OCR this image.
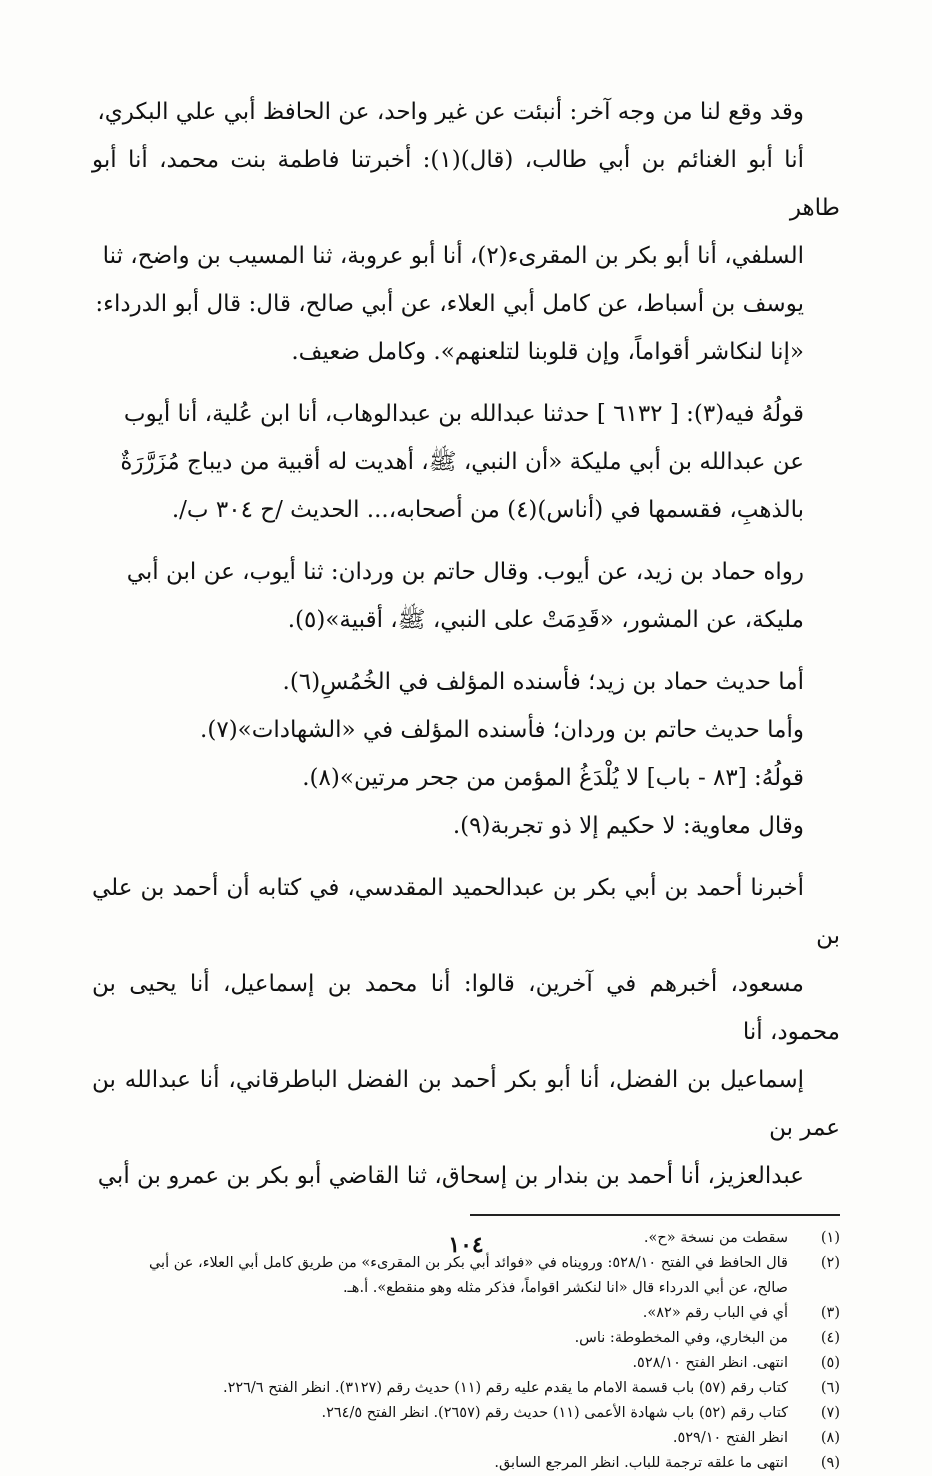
وقد وقع لنا من وجه آخر: أنبئت عن غير واحد، عن الحافظ أبي علي البكري،
أنا أبو الغنائم بن أبي طالب، (قال)(١): أخبرتنا فاطمة بنت محمد، أنا أبو طاهر
السلفي، أنا أبو بكر بن المقرىء(٢)، أنا أبو عروبة، ثنا المسيب بن واضح، ثنا
يوسف بن أسباط، عن كامل أبي العلاء، عن أبي صالح، قال: قال أبو الدرداء:
«إنا لنكاشر أقواماً، وإن قلوبنا لتلعنهم». وكامل ضعيف.

قولُهُ فيه(٣): [ ٦١٣٢ ] حدثنا عبدالله بن عبدالوهاب، أنا ابن عُلية، أنا أيوب
عن عبدالله بن أبي مليكة «أن النبي، ﷺ، أهديت له أقبية من ديباج مُزَرَّرَةٌ
بالذهبِ، فقسمها في (أناس)(٤) من أصحابه،... الحديث /ح ٣٠٤ ب/.

رواه حماد بن زيد، عن أيوب. وقال حاتم بن وردان: ثنا أيوب، عن ابن أبي
مليكة، عن المشور، «قَدِمَتْ على النبي، ﷺ، أقبية»(٥).

أما حديث حماد بن زيد؛ فأسنده المؤلف في الخُمُسِ(٦).
وأما حديث حاتم بن وردان؛ فأسنده المؤلف في «الشهادات»(٧).
قولُهُ: [٨٣ - باب] لا يُلْدَغُ المؤمن من جحر مرتين»(٨).
وقال معاوية: لا حكيم إلا ذو تجربة(٩).

أخبرنا أحمد بن أبي بكر بن عبدالحميد المقدسي، في كتابه أن أحمد بن علي بن
مسعود، أخبرهم في آخرين، قالوا: أنا محمد بن إسماعيل، أنا يحيى بن محمود، أنا
إسماعيل بن الفضل، أنا أبو بكر أحمد بن الفضل الباطرقاني، أنا عبدالله بن عمر بن
عبدالعزيز، أنا أحمد بن بندار بن إسحاق، ثنا القاضي أبو بكر بن عمرو بن أبي

(١)
سقطت من نسخة «ح».
(٢)
قال الحافظ في الفتح ٥٢٨/١٠: ورويناه في «فوائد أبي بكر بن المقرىء» من طريق كامل أبي العلاء، عن أبي
صالح، عن أبي الدرداء قال «انا لنكشر اقواماً، فذكر مثله وهو منقطع». أ.هـ.
(٣)
أي في الباب رقم «٨٢».
(٤)
من البخاري، وفي المخطوطة: ناس.
(٥)
انتهى. انظر الفتح ٥٢٨/١٠.
(٦)
كتاب رقم (٥٧) باب قسمة الامام ما يقدم عليه رقم (١١) حديث رقم (٣١٢٧). انظر الفتح ٢٢٦/٦.
(٧)
كتاب رقم (٥٢) باب شهادة الأعمى (١١) حديث رقم (٢٦٥٧). انظر الفتح ٢٦٤/٥.
(٨)
انظر الفتح ٥٢٩/١٠.
(٩)
انتهى ما علقه ترجمة للباب. انظر المرجع السابق.
١٠٤
